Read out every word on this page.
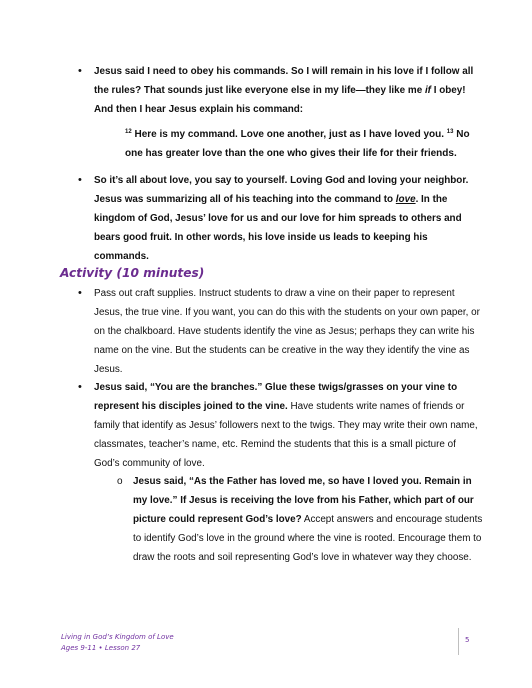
•	Jesus said I need to obey his commands. So I will remain in his love if I follow all
the rules? That sounds just like everyone else in my life—they like me if I obey!
And then I hear Jesus explain his command:
$^{12}$ Here is my command. Love one another, just as I have loved you. $^{13}$ No
one has greater love than the one who gives their life for their friends.
•	So it’s all about love, you say to yourself. Loving God and loving your neighbor.
Jesus was summarizing all of his teaching into the command to love. In the
kingdom of God, Jesus’ love for us and our love for him spreads to others and
bears good fruit. In other words, his love inside us leads to keeping his
commands.
Activity (10 minutes)
•	Pass out craft supplies. Instruct students to draw a vine on their paper to represent
Jesus, the true vine. If you want, you can do this with the students on your own paper, or
on the chalkboard. Have students identify the vine as Jesus; perhaps they can write his
name on the vine. But the students can be creative in the way they identify the vine as
Jesus.
•	Jesus said, “You are the branches.” Glue these twigs/grasses on your vine to
represent his disciples joined to the vine. Have students write names of friends or
family that identify as Jesus’ followers next to the twigs. They may write their own name,
classmates, teacher’s name, etc. Remind the students that this is a small picture of
God’s community of love.
o	Jesus said, “As the Father has loved me, so have I loved you. Remain in
my love.” If Jesus is receiving the love from his Father, which part of our
picture could represent God’s love? Accept answers and encourage students
to identify God’s love in the ground where the vine is rooted. Encourage them to
draw the roots and soil representing God’s love in whatever way they choose.
Living in God’s Kingdom of Love
Ages 9-11 • Lesson 27
5
